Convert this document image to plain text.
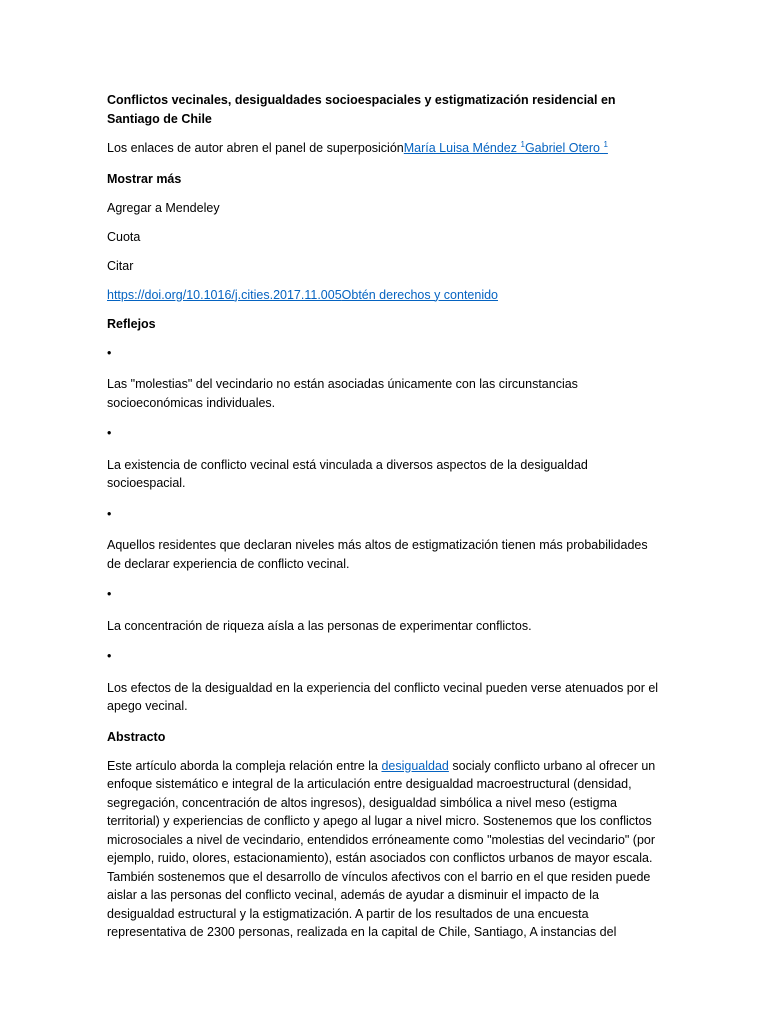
Conflictos vecinales, desigualdades socioespaciales y estigmatización residencial en Santiago de Chile

Los enlaces de autor abren el panel de superposiciónMaría Luisa Méndez $^1$Gabriel Otero $^1$

Mostrar más

Agregar a Mendeley

Cuota

Citar

https://doi.org/10.1016/j.cities.2017.11.005Obtén derechos y contenido

Reflejos

•

Las "molestias" del vecindario no están asociadas únicamente con las circunstancias socioeconómicas individuales.

•

La existencia de conflicto vecinal está vinculada a diversos aspectos de la desigualdad socioespacial.

•

Aquellos residentes que declaran niveles más altos de estigmatización tienen más probabilidades de declarar experiencia de conflicto vecinal.

•

La concentración de riqueza aísla a las personas de experimentar conflictos.

•

Los efectos de la desigualdad en la experiencia del conflicto vecinal pueden verse atenuados por el apego vecinal.

Abstracto

Este artículo aborda la compleja relación entre la desigualdad socialy conflicto urbano al ofrecer un enfoque sistemático e integral de la articulación entre desigualdad macroestructural (densidad, segregación, concentración de altos ingresos), desigualdad simbólica a nivel meso (estigma territorial) y experiencias de conflicto y apego al lugar a nivel micro. Sostenemos que los conflictos microsociales a nivel de vecindario, entendidos erróneamente como "molestias del vecindario" (por ejemplo, ruido, olores, estacionamiento), están asociados con conflictos urbanos de mayor escala. También sostenemos que el desarrollo de vínculos afectivos con el barrio en el que residen puede aislar a las personas del conflicto vecinal, además de ayudar a disminuir el impacto de la desigualdad estructural y la estigmatización. A partir de los resultados de una encuesta representativa de 2300 personas, realizada en la capital de Chile, Santiago, A instancias del
